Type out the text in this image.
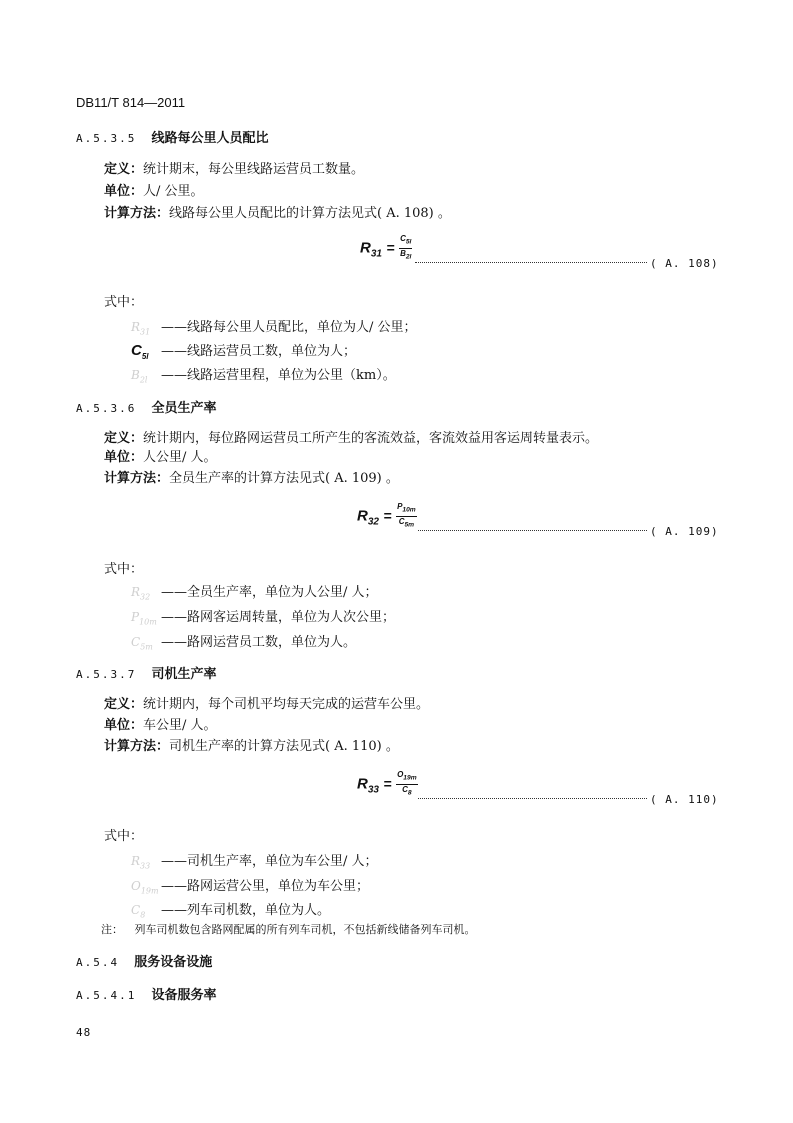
DB11/T 814—2011
A.5.3.5 线路每公里人员配比
定义：统计期末，每公里线路运营员工数量。
单位：人/ 公里。
计算方法：线路每公里人员配比的计算方法见式( A. 108) 。
$R_{31} = \frac{C_{5l}}{B_{2l}}$
( A. 108)
式中：
$R_{31}$ ——线路每公里人员配比，单位为人/ 公里；
$C_{5l}$ ——线路运营员工数，单位为人；
$B_{2l}$ ——线路运营里程，单位为公里（km）。
A.5.3.6 全员生产率
定义：统计期内，每位路网运营员工所产生的客流效益，客流效益用客运周转量表示。
单位：人公里/ 人。
计算方法：全员生产率的计算方法见式( A. 109) 。
$R_{32} = \frac{P_{10m}}{C_{5m}}$
( A. 109)
式中：
$R_{32}$ ——全员生产率，单位为人公里/ 人；
$P_{10m}$ ——路网客运周转量，单位为人次公里；
$C_{5m}$ ——路网运营员工数，单位为人。
A.5.3.7 司机生产率
定义：统计期内，每个司机平均每天完成的运营车公里。
单位：车公里/ 人。
计算方法：司机生产率的计算方法见式( A. 110) 。
$R_{33} = \frac{O_{19m}}{C_8}$
( A. 110)
式中：
$R_{33}$ ——司机生产率，单位为车公里/ 人；
$O_{19m}$ ——路网运营公里，单位为车公里；
$C_8$ ——列车司机数，单位为人。
注： 列车司机数包含路网配属的所有列车司机，不包括新线储备列车司机。
A.5.4 服务设备设施
A.5.4.1 设备服务率
48
